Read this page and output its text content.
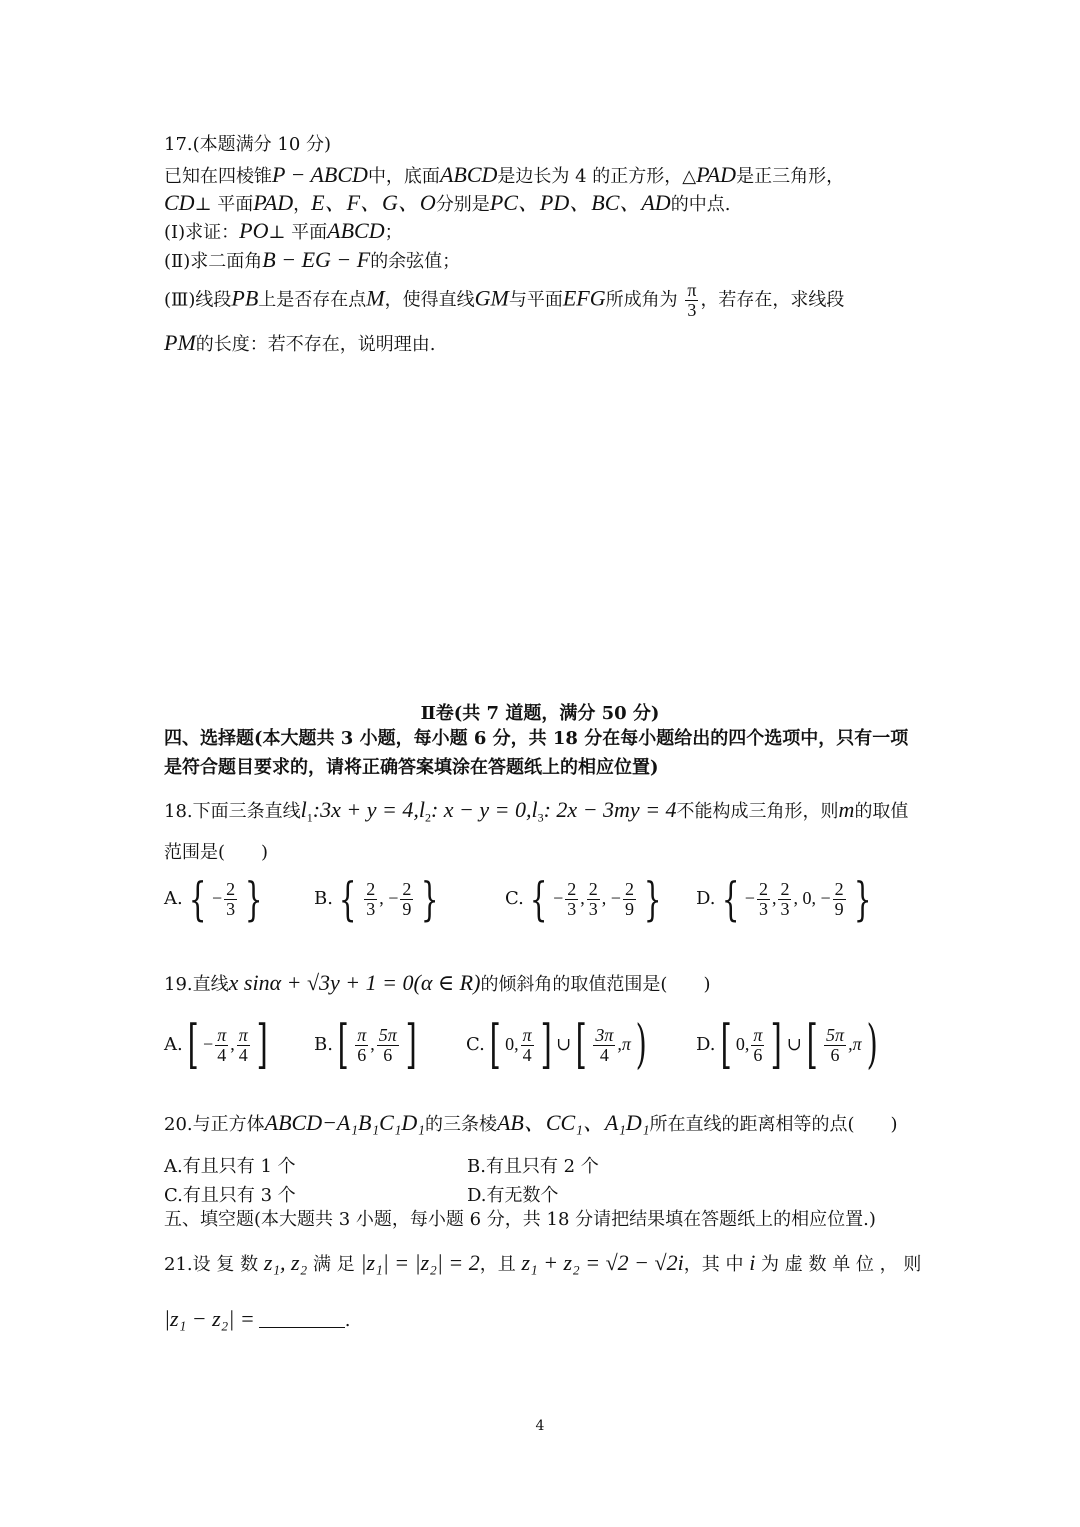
17.(本题满分 10 分)
已知在四棱锥P − ABCD中，底面ABCD是边长为 4 的正方形，△PAD是正三角形，
CD⊥ 平面PAD，E、F、G、O分别是PC、PD、BC、AD的中点.
(Ⅰ)求证：PO⊥ 平面ABCD；
(Ⅱ)求二面角B − EG − F的余弦值；
(Ⅲ)线段PB上是否存在点M，使得直线GM与平面EFG所成角为 $\frac{\pi}{3}$ ，若存在，求线段
PM的长度：若不存在，说明理由.
Ⅱ卷(共 7 道题，满分 50 分)
四、选择题(本大题共 3 小题，每小题 6 分，共 18 分在每小题给出的四个选项中，只有一项
是符合题目要求的，请将正确答案填涂在答题纸上的相应位置)
18.下面三条直线$l_1:3x + y = 4,l_2$: $x - y = 0,l_3$: 2x − 3my = 4不能构成三角形，则m的取值
范围是(　　)
A. { − $\frac{2}{3}$ }	B. { $\frac{2}{3}$ , − $\frac{2}{9}$ }	C. { − $\frac{2}{3}$ , $\frac{2}{3}$ , − $\frac{2}{9}$ }	D. { − $\frac{2}{3}$ , $\frac{2}{3}$ , 0, − $\frac{2}{9}$ }
19.直线x sinα + √3y + 1 = 0(α ∈ R)的倾斜角的取值范围是(　　)
$A.[ - \frac{\pi}{4}$ , $\frac{\pi}{4}$ ]	$B.[ \frac{\pi}{6}$ , $\frac{5\pi}{6}$ ]	C.[ 0, $\frac{\pi}{4}$ ] ∪[ $\frac{3\pi}{4} ,\pi$)	D.[ 0, $\frac{\pi}{6}$ ] ∪[ $\frac{5\pi}{6} ,\pi$)
20.与正方体ABCD−A₁B₁C₁D₁的三条棱AB、CC₁、A₁D₁所在直线的距离相等的点(　　)
A.有且只有 1 个	B.有且只有 2 个
C.有且只有 3 个	D.有无数个
五、填空题(本大题共 3 小题，每小题 6 分，共 18 分请把结果填在答题纸上的相应位置.)
21.设 复 数 z₁, z₂ 满 足 |z₁| = |z₂| = 2，且 z₁ + z₂ = √2 − √2i，其 中 i 为 虚 数 单 位 ， 则
|z₁ − z₂| =	.
4
